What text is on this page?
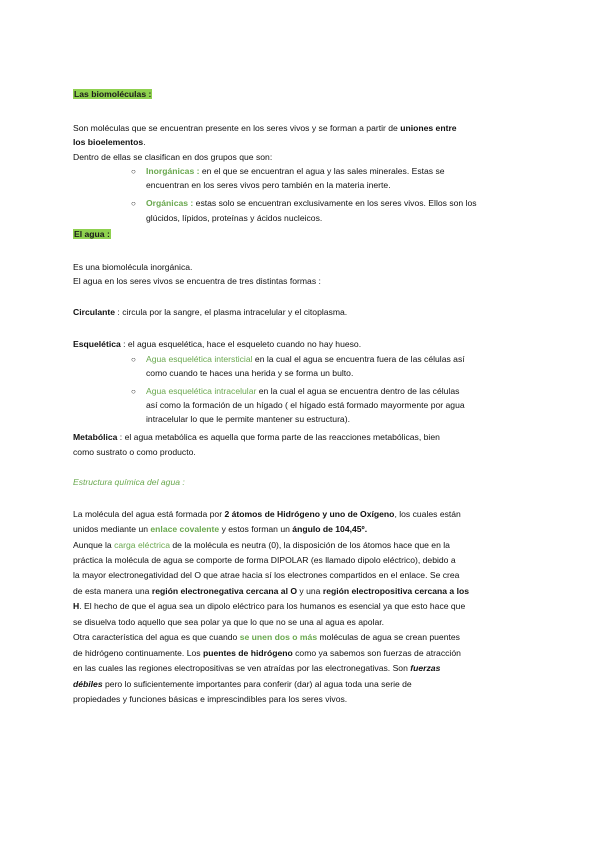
Las biomoléculas :
Son moléculas que se encuentran presente en los seres vivos y se forman a partir de uniones entre
los bioelementos.
Dentro de ellas se clasifican en dos grupos que son:
○ Inorgánicas : en el que se encuentran el agua y las sales minerales. Estas se
encuentran en los seres vivos pero también en la materia inerte.
○ Orgánicas : estas solo se encuentran exclusivamente en los seres vivos. Ellos son los
glúcidos, lípidos, proteínas y ácidos nucleicos.
El agua :
Es una biomolécula inorgánica.
El agua en los seres vivos se encuentra de tres distintas formas :
Circulante : circula por la sangre, el plasma intracelular y el citoplasma.
Esquelética : el agua esquelética, hace el esqueleto cuando no hay hueso.
○ Agua esquelética intersticial en la cual el agua se encuentra fuera de las células así
como cuando te haces una herida y se forma un bulto.
○ Agua esquelética intracelular en la cual el agua se encuentra dentro de las células
así como la formación de un hígado ( el hígado está formado mayormente por agua
intracelular lo que le permite mantener su estructura).
Metabólica : el agua metabólica es aquella que forma parte de las reacciones metabólicas, bien
como sustrato o como producto.
Estructura química del agua :
La molécula del agua está formada por 2 átomos de Hidrógeno y uno de Oxígeno, los cuales están
unidos mediante un enlace covalente y estos forman un ángulo de 104,45º.
Aunque la carga eléctrica de la molécula es neutra (0), la disposición de los átomos hace que en la
práctica la molécula de agua se comporte de forma DIPOLAR (es llamado dipolo eléctrico), debido a
la mayor electronegatividad del O que atrae hacia sí los electrones compartidos en el enlace. Se crea
de esta manera una región electronegativa cercana al O y una región electropositiva cercana a los
H. El hecho de que el agua sea un dipolo eléctrico para los humanos es esencial ya que esto hace que
se disuelva todo aquello que sea polar ya que lo que no se una al agua es apolar.
Otra característica del agua es que cuando se unen dos o más moléculas de agua se crean puentes
de hidrógeno continuamente. Los puentes de hidrógeno como ya sabemos son fuerzas de atracción
en las cuales las regiones electropositivas se ven atraídas por las electronegativas. Son fuerzas
débiles pero lo suficientemente importantes para conferir (dar) al agua toda una serie de
propiedades y funciones básicas e imprescindibles para los seres vivos.
